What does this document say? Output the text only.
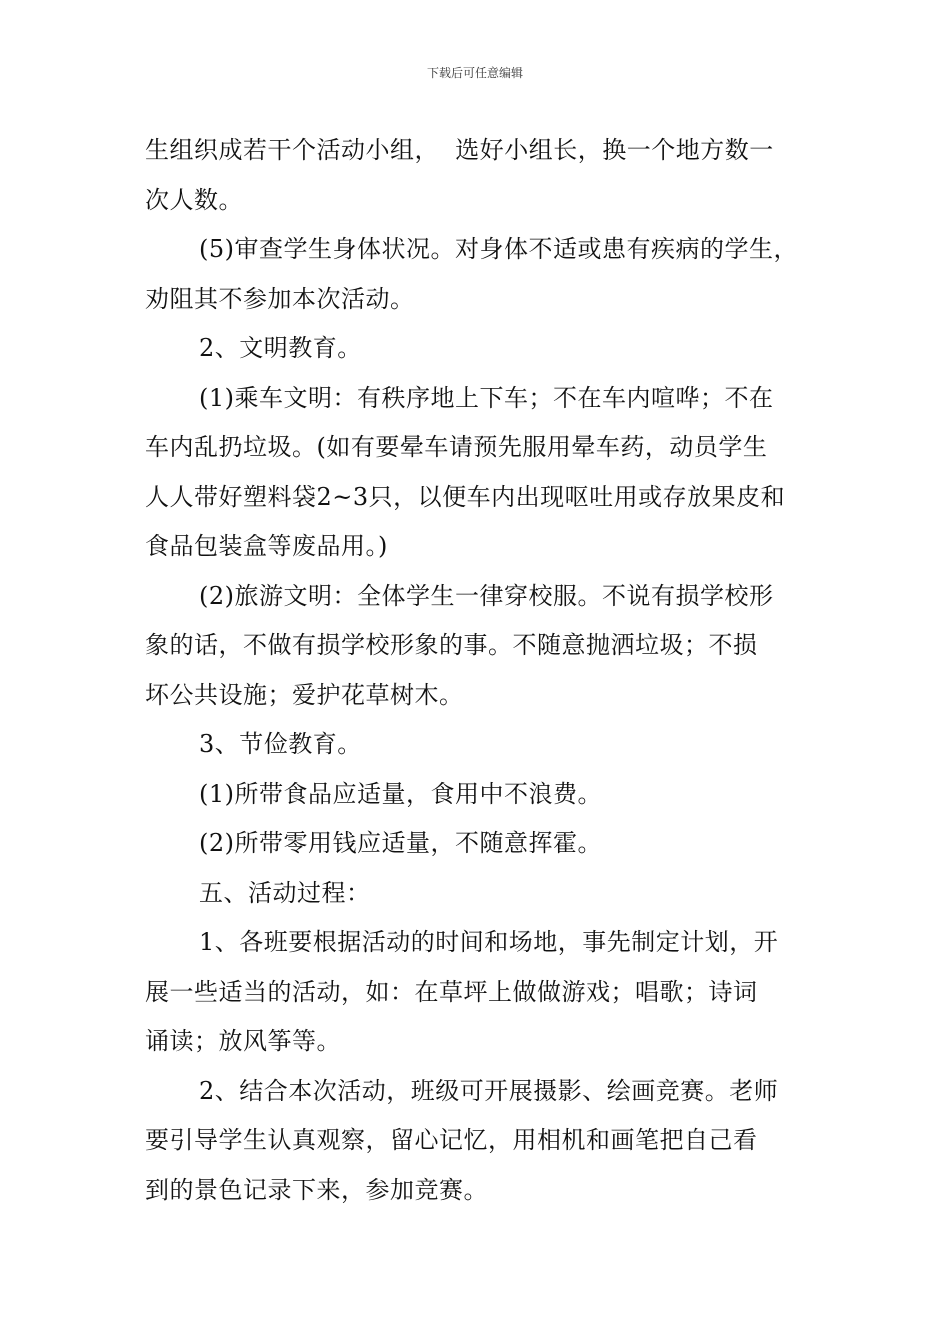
下载后可任意编辑
生组织成若干个活动小组，  选好小组长，换一个地方数一
次人数。
(5)审查学生身体状况。对身体不适或患有疾病的学生，
劝阻其不参加本次活动。
2、文明教育。
(1)乘车文明：有秩序地上下车；不在车内喧哗；不在
车内乱扔垃圾。(如有要晕车请预先服用晕车药，动员学生
人人带好塑料袋2~3只，以便车内出现呕吐用或存放果皮和
食品包装盒等废品用。)
(2)旅游文明：全体学生一律穿校服。不说有损学校形
象的话，不做有损学校形象的事。不随意抛洒垃圾；不损
坏公共设施；爱护花草树木。
3、节俭教育。
(1)所带食品应适量，食用中不浪费。
(2)所带零用钱应适量，不随意挥霍。
五、活动过程：
1、各班要根据活动的时间和场地，事先制定计划，开
展一些适当的活动，如：在草坪上做做游戏；唱歌；诗词
诵读；放风筝等。
2、结合本次活动，班级可开展摄影、绘画竞赛。老师
要引导学生认真观察，留心记忆，用相机和画笔把自己看
到的景色记录下来，参加竞赛。
